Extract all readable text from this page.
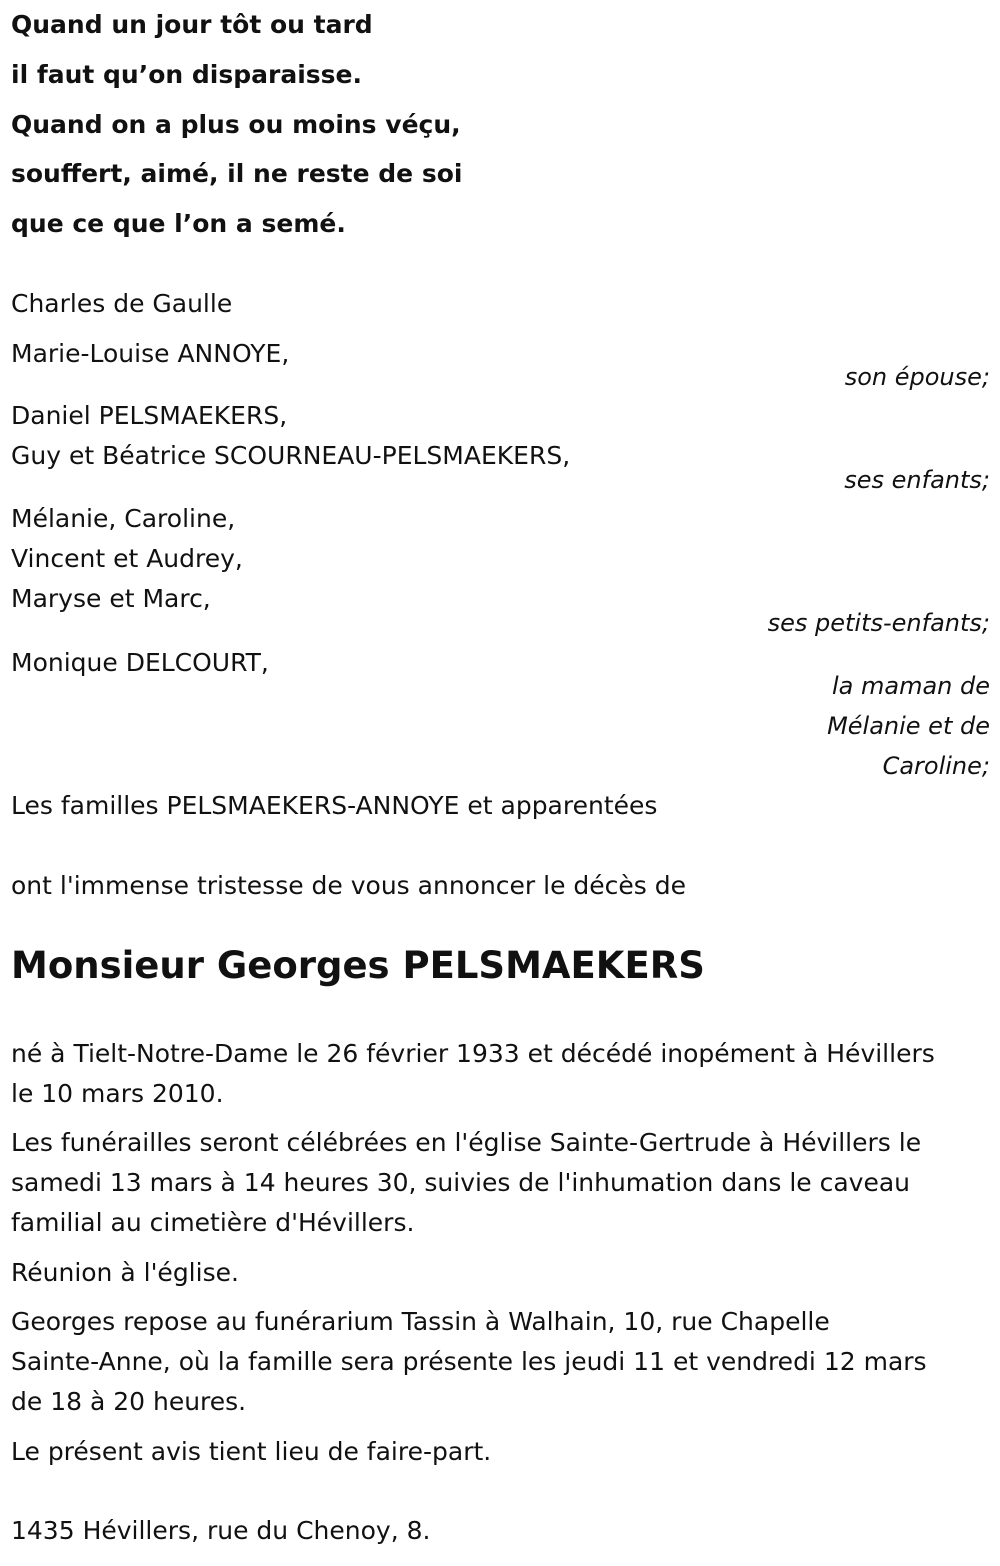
Quand un jour tôt ou tard
il faut qu’on disparaisse.
Quand on a plus ou moins véçu,
souffert, aimé, il ne reste de soi
que ce que l’on a semé.
Charles de Gaulle
Marie-Louise ANNOYE,
son épouse;
Daniel PELSMAEKERS,
Guy et Béatrice SCOURNEAU-PELSMAEKERS,
ses enfants;
Mélanie, Caroline,
Vincent et Audrey,
Maryse et Marc,
ses petits-enfants;
Monique DELCOURT,
la maman de
Mélanie et de
Caroline;
Les familles PELSMAEKERS-ANNOYE et apparentées
ont l'immense tristesse de vous annoncer le décès de
Monsieur Georges PELSMAEKERS
né à Tielt-Notre-Dame le 26 février 1933 et décédé inopément à Hévillers
le 10 mars 2010.
Les funérailles seront célébrées en l'église Sainte-Gertrude à Hévillers le
samedi 13 mars à 14 heures 30, suivies de l'inhumation dans le caveau
familial au cimetière d'Hévillers.
Réunion à l'église.
Georges repose au funérarium Tassin à Walhain, 10, rue Chapelle
Sainte-Anne, où la famille sera présente les jeudi 11 et vendredi 12 mars
de 18 à 20 heures.
Le présent avis tient lieu de faire-part.
1435 Hévillers, rue du Chenoy, 8.
